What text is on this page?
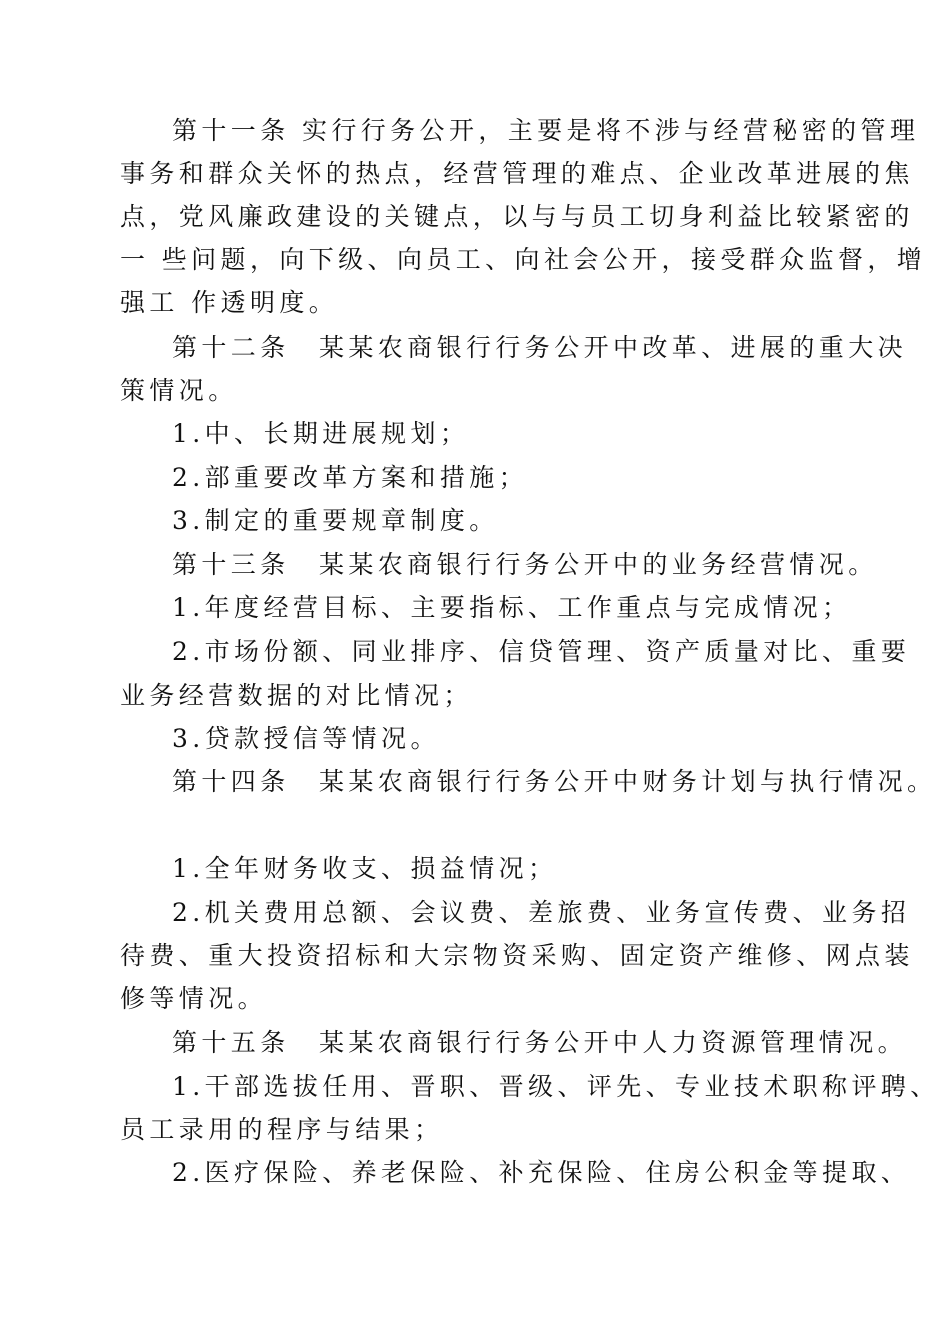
第十一条 实行行务公开，主要是将不涉与经营秘密的管理
事务和群众关怀的热点，经营管理的难点、企业改革进展的焦
点，党风廉政建设的关键点，以与与员工切身利益比较紧密的
一 些问题，向下级、向员工、向社会公开，接受群众监督，增
强工 作透明度。
第十二条　某某农商银行行务公开中改革、进展的重大决
策情况。
1.中、长期进展规划；
2.部重要改革方案和措施；
3.制定的重要规章制度。
第十三条　某某农商银行行务公开中的业务经营情况。
1.年度经营目标、主要指标、工作重点与完成情况；
2.市场份额、同业排序、信贷管理、资产质量对比、重要
业务经营数据的对比情况；
3.贷款授信等情况。
第十四条　某某农商银行行务公开中财务计划与执行情况。
1.全年财务收支、损益情况；
2.机关费用总额、会议费、差旅费、业务宣传费、业务招
待费、重大投资招标和大宗物资采购、固定资产维修、网点装
修等情况。
第十五条　某某农商银行行务公开中人力资源管理情况。
1.干部选拔任用、晋职、晋级、评先、专业技术职称评聘、
员工录用的程序与结果；
2.医疗保险、养老保险、补充保险、住房公积金等提取、
